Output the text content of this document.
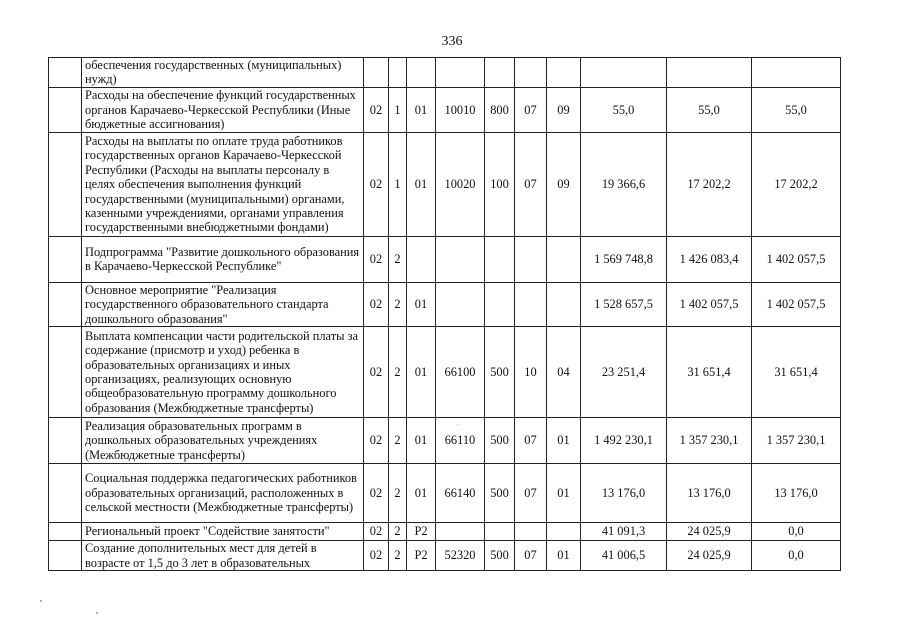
336
	обеспечения государственных (муниципальных) нужд)										
	Расходы на обеспечение функций государственных органов Карачаево-Черкесской Республики (Иные бюджетные ассигнования)	02	1	01	10010	800	07	09	55,0	55,0	55,0
	Расходы на выплаты по оплате труда работников государственных органов Карачаево-Черкесской Республики (Расходы на выплаты персоналу в целях обеспечения выполнения функций государственными (муниципальными) органами, казенными учреждениями, органами управления государственными внебюджетными фондами)	02	1	01	10020	100	07	09	19 366,6	17 202,2	17 202,2
	Подпрограмма "Развитие дошкольного образования в Карачаево-Черкесской Республике"	02	2						1 569 748,8	1 426 083,4	1 402 057,5
	Основное мероприятие "Реализация государственного образовательного стандарта дошкольного образования"	02	2	01					1 528 657,5	1 402 057,5	1 402 057,5
	Выплата компенсации части родительской платы за содержание (присмотр и уход) ребенка в образовательных организациях и иных организациях, реализующих основную общеобразовательную программу дошкольного образования (Межбюджетные трансферты)	02	2	01	66100	500	10	04	23 251,4	31 651,4	31 651,4
	Реализация образовательных программ в дошкольных образовательных учреждениях (Межбюджетные трансферты)	02	2	01	66110	500	07	01	1 492 230,1	1 357 230,1	1 357 230,1
	Социальная поддержка педагогических работников образовательных организаций, расположенных в сельской местности (Межбюджетные трансферты)	02	2	01	66140	500	07	01	13 176,0	13 176,0	13 176,0
	Региональный проект "Содействие занятости"	02	2	P2					41 091,3	24 025,9	0,0
	Создание дополнительных мест для детей в возрасте от 1,5 до 3 лет в образовательных	02	2	P2	52320	500	07	01	41 006,5	24 025,9	0,0
